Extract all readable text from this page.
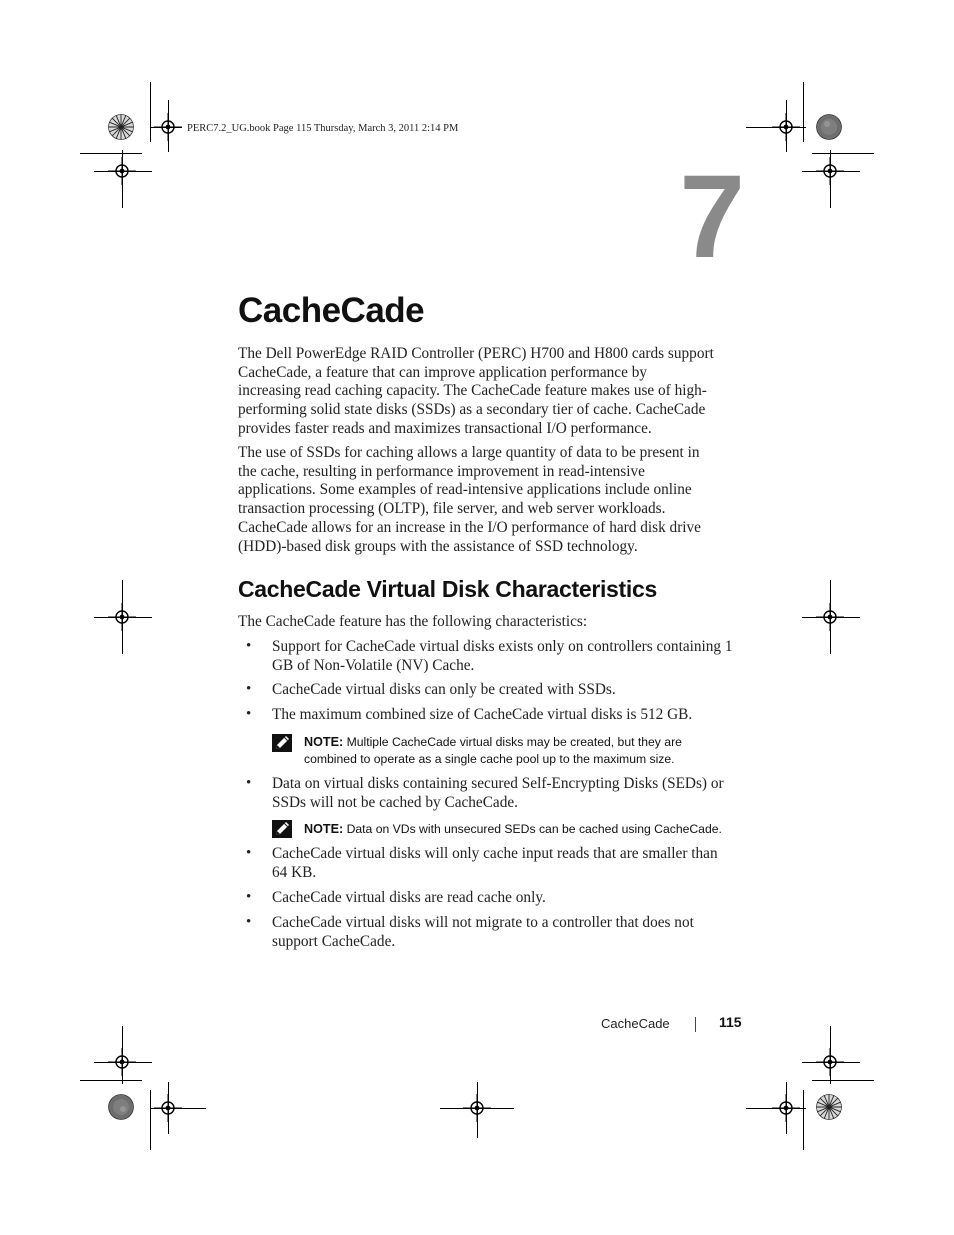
PERC7.2_UG.book Page 115 Thursday, March 3, 2011 2:14 PM
7
CacheCade
The Dell PowerEdge RAID Controller (PERC) H700 and H800 cards support
CacheCade, a feature that can improve application performance by
increasing read caching capacity. The CacheCade feature makes use of high-
performing solid state disks (SSDs) as a secondary tier of cache. CacheCade
provides faster reads and maximizes transactional I/O performance.
The use of SSDs for caching allows a large quantity of data to be present in
the cache, resulting in performance improvement in read-intensive
applications. Some examples of read-intensive applications include online
transaction processing (OLTP), file server, and web server workloads.
CacheCade allows for an increase in the I/O performance of hard disk drive
(HDD)-based disk groups with the assistance of SSD technology.
CacheCade Virtual Disk Characteristics
The CacheCade feature has the following characteristics:
• Support for CacheCade virtual disks exists only on controllers containing 1
GB of Non-Volatile (NV) Cache.
• CacheCade virtual disks can only be created with SSDs.
• The maximum combined size of CacheCade virtual disks is 512 GB.
NOTE: Multiple CacheCade virtual disks may be created, but they are
combined to operate as a single cache pool up to the maximum size.
• Data on virtual disks containing secured Self-Encrypting Disks (SEDs) or
SSDs will not be cached by CacheCade.
NOTE: Data on VDs with unsecured SEDs can be cached using CacheCade.
• CacheCade virtual disks will only cache input reads that are smaller than
64 KB.
• CacheCade virtual disks are read cache only.
• CacheCade virtual disks will not migrate to a controller that does not
support CacheCade.
CacheCade	115
